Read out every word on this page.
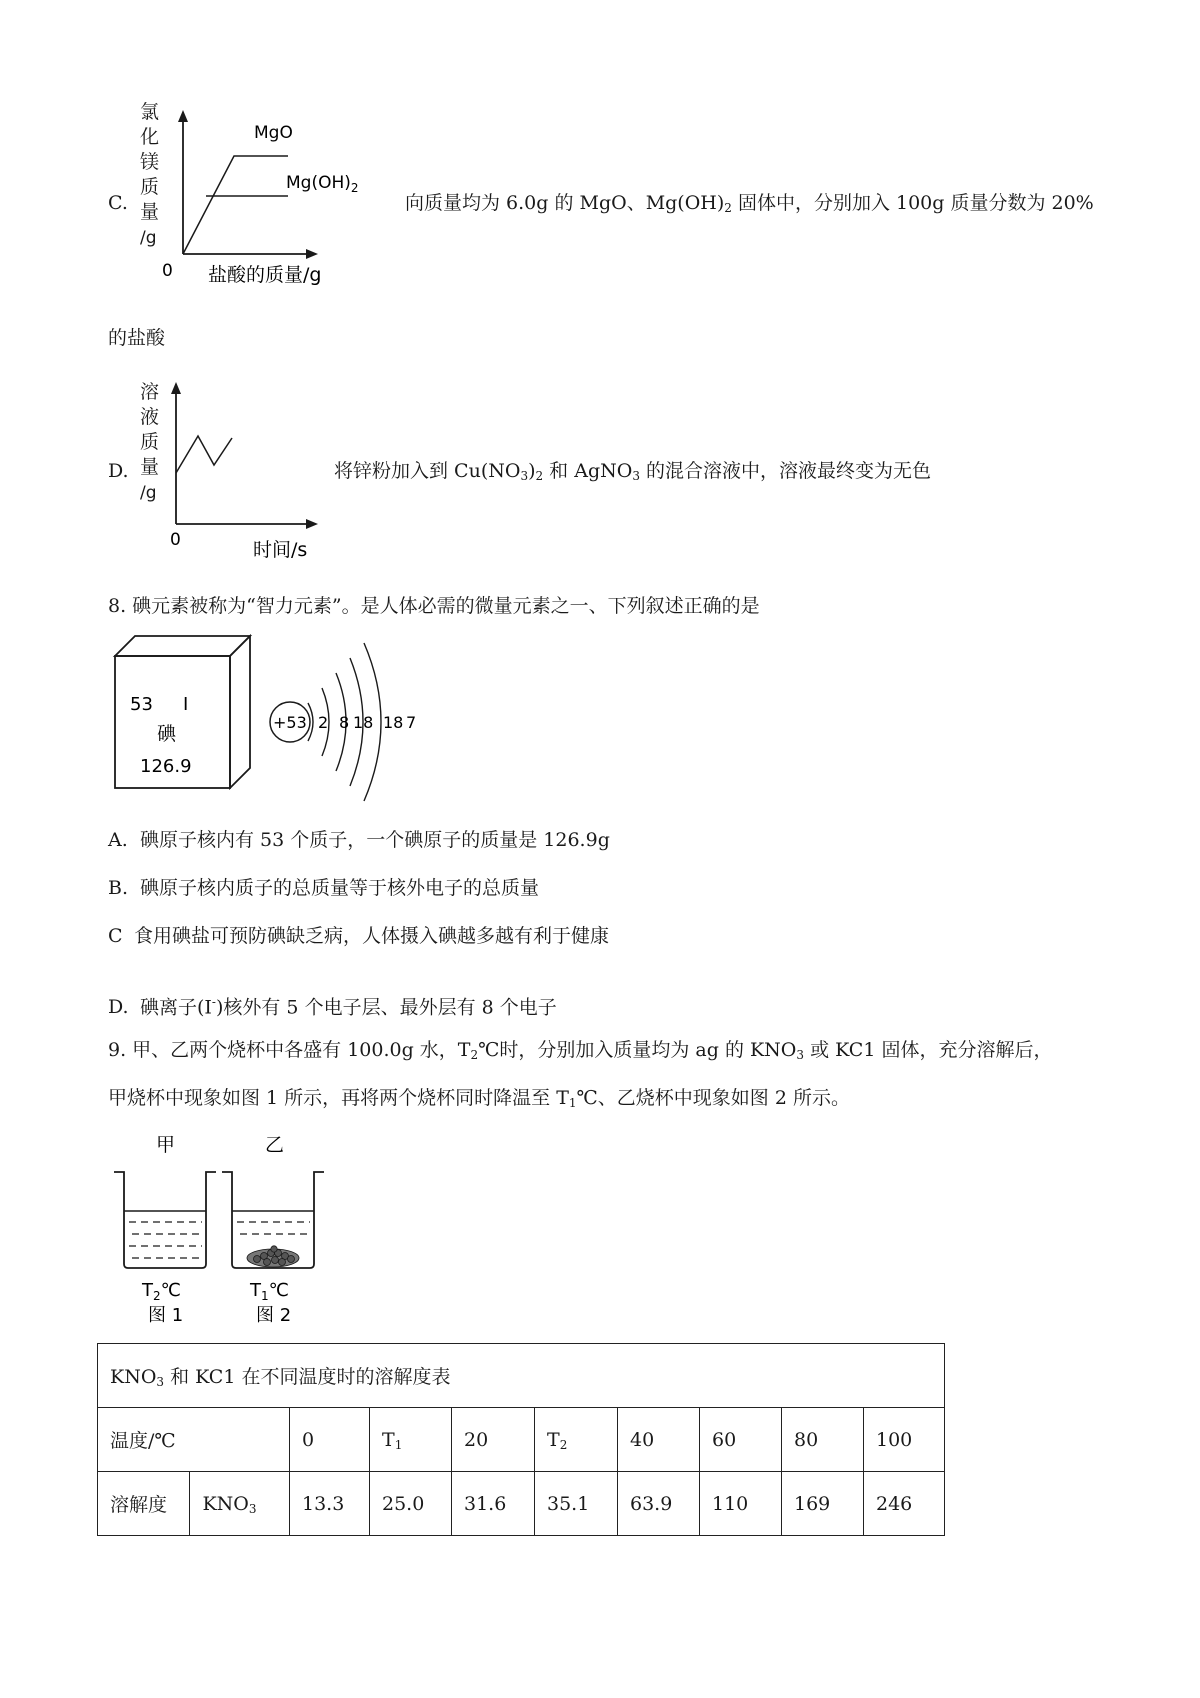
C.
氯
化
镁
质
量
/g
MgO
$Mg(OH)_2$
0 盐酸的质量/g
向质量均为 6.0g 的 MgO、$Mg(OH)_2$ 固体中，分别加入 100g 质量分数为 20%
的盐酸
D.
溶
液
质
量
/g
0	时间/s
将锌粉加入到 $Cu(NO_3)_2$ 和 AgNO$_3$ 的混合溶液中，溶液最终变为无色
8. 碘元素被称为“智力元素”。是人体必需的微量元素之一、下列叙述正确的是
53 I
碘
126.9
+53 2 8 18 18 7
A. 碘原子核内有 53 个质子，一个碘原子的质量是 126.9g
B. 碘原子核内质子的总质量等于核外电子的总质量
C 食用碘盐可预防碘缺乏病，人体摄入碘越多越有利于健康
D. 碘离子(I-)核外有 5 个电子层、最外层有 8 个电子
9. 甲、乙两个烧杯中各盛有 100.0g 水，$T_2℃$时，分别加入质量均为 ag 的 $KNO_3$ 或 KC1 固体，充分溶解后，
甲烧杯中现象如图 1 所示，再将两个烧杯同时降温至 $T_1℃$、乙烧杯中现象如图 2 所示。
甲
$T_2℃$
图 1
乙
$T_1℃$
图 2
$KNO_3$ 和 KC1 在不同温度时的溶解度表									
温度/℃		0	$T_1$	20	$T_2$	40	60	80	100
溶解度	$KNO_3$	13.3	25.0	31.6	35.1	63.9	110	169	246
